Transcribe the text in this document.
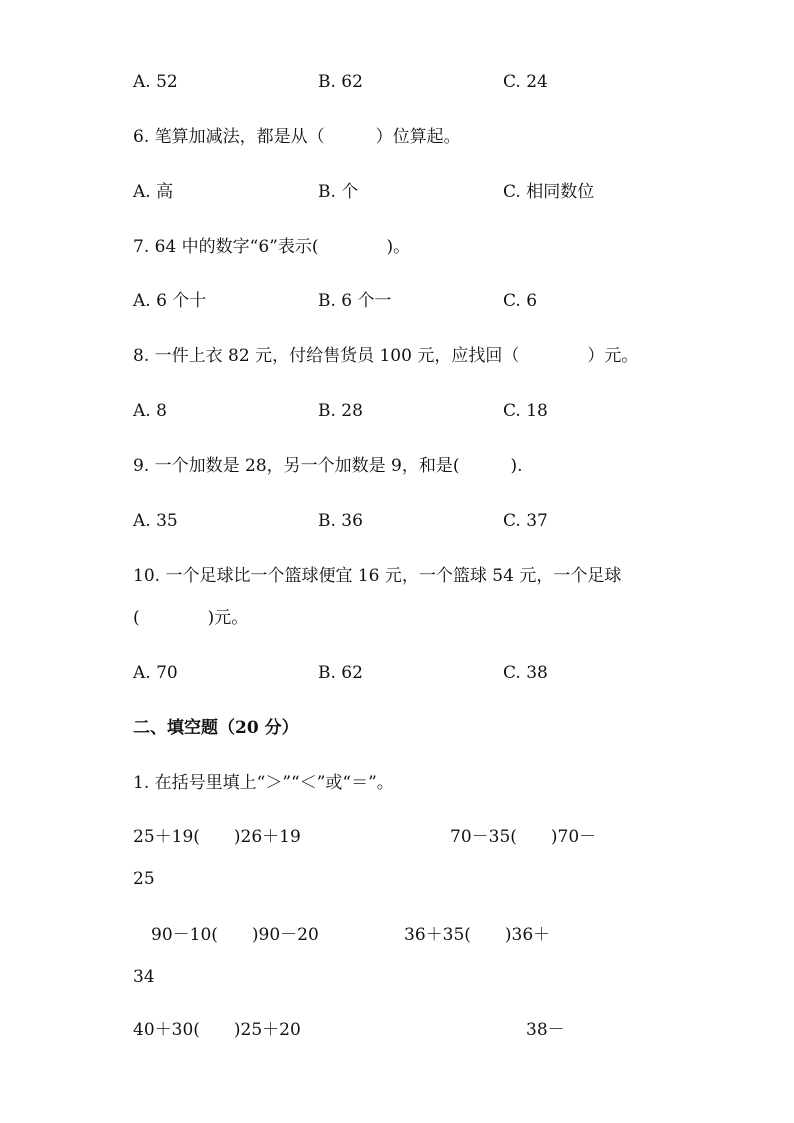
A. 52	B. 62	C. 24
6. 笔算加减法，都是从（　　　）位算起。
A. 高	B. 个	C. 相同数位
7. 64 中的数字“6”表示(　　　　)。
A. 6 个十	B. 6 个一	C. 6
8. 一件上衣 82 元，付给售货员 100 元，应找回（　　　　）元。
A. 8	B. 28	C. 18
9. 一个加数是 28，另一个加数是 9，和是(　　　).
A. 35	B. 36	C. 37
10. 一个足球比一个篮球便宜 16 元，一个篮球 54 元，一个足球
(　　　　)元。
A. 70	B. 62	C. 38
二、填空题（20 分）
1. 在括号里填上“＞”“＜”或“＝”。
25＋19(　　)26＋19	70－35(　　)70－
25
90－10(　　)90－20	36＋35(　　)36＋
34
40＋30(　　)25＋20	38－
